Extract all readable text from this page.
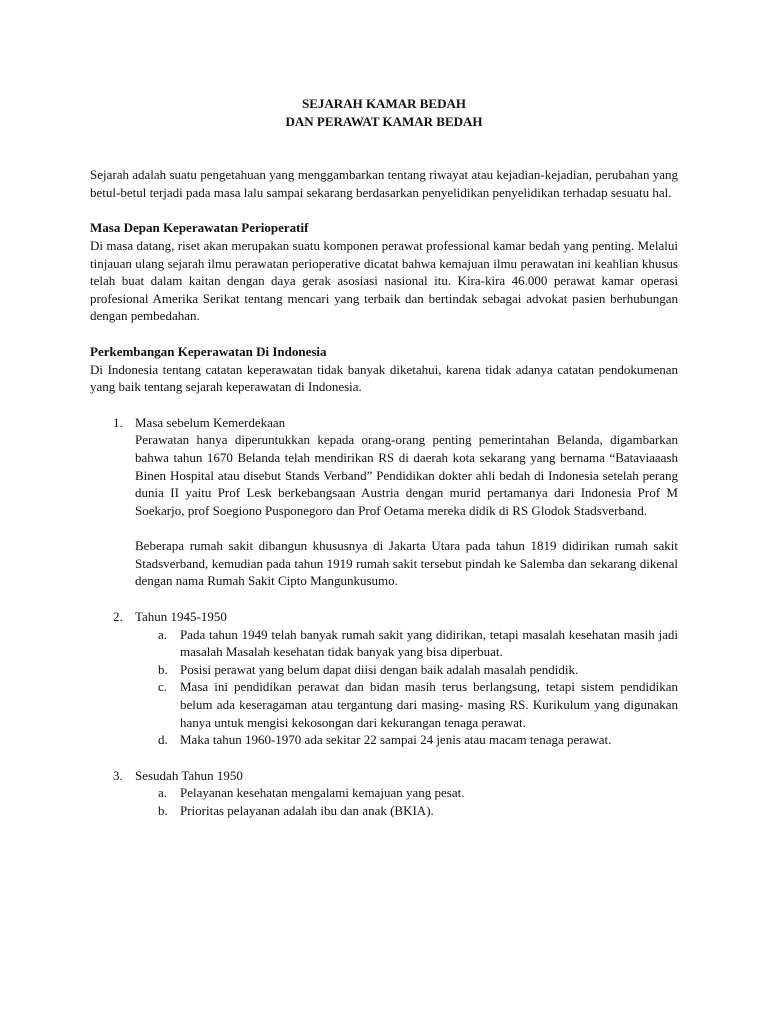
SEJARAH KAMAR BEDAH

DAN PERAWAT KAMAR BEDAH

Sejarah adalah suatu pengetahuan yang menggambarkan tentang riwayat atau kejadian-kejadian, perubahan yang betul-betul terjadi pada masa lalu sampai sekarang berdasarkan penyelidikan penyelidikan terhadap sesuatu hal.

Masa Depan Keperawatan Perioperatif

Di masa datang, riset akan merupakan suatu komponen perawat professional kamar bedah yang penting. Melalui tinjauan ulang sejarah ilmu perawatan perioperative dicatat bahwa kemajuan ilmu perawatan ini keahlian khusus telah buat dalam kaitan dengan daya gerak asosiasi nasional itu. Kira-kira 46.000 perawat kamar operasi profesional Amerika Serikat tentang mencari yang terbaik dan bertindak sebagai advokat pasien berhubungan dengan pembedahan.

Perkembangan Keperawatan Di Indonesia

Di Indonesia tentang catatan keperawatan tidak banyak diketahui, karena tidak adanya catatan pendokumenan yang baik tentang sejarah keperawatan di Indonesia.

1. Masa sebelum Kemerdekaan

Perawatan hanya diperuntukkan kepada orang-orang penting pemerintahan Belanda, digambarkan bahwa tahun 1670 Belanda telah mendirikan RS di daerah kota sekarang yang bernama “Bataviaaash Binen Hospital atau disebut Stands Verband” Pendidikan dokter ahli bedah di Indonesia setelah perang dunia II yaitu Prof Lesk berkebangsaan Austria dengan murid pertamanya dari Indonesia Prof M Soekarjo, prof Soegiono Pusponegoro dan Prof Oetama mereka didik di RS Glodok Stadsverband.

Beberapa rumah sakit dibangun khususnya di Jakarta Utara pada tahun 1819 didirikan rumah sakit Stadsverband, kemudian pada tahun 1919 rumah sakit tersebut pindah ke Salemba dan sekarang dikenal dengan nama Rumah Sakit Cipto Mangunkusumo.

2. Tahun 1945-1950

a. Pada tahun 1949 telah banyak rumah sakit yang didirikan, tetapi masalah kesehatan masih jadi masalah Masalah kesehatan tidak banyak yang bisa diperbuat.

b. Posisi perawat yang belum dapat diisi dengan baik adalah masalah pendidik.

c. Masa ini pendidikan perawat dan bidan masih terus berlangsung, tetapi sistem pendidikan belum ada keseragaman atau tergantung dari masing- masing RS. Kurikulum yang digunakan hanya untuk mengisi kekosongan dari kekurangan tenaga perawat.

d. Maka tahun 1960-1970 ada sekitar 22 sampai 24 jenis atau macam tenaga perawat.

3. Sesudah Tahun 1950

a. Pelayanan kesehatan mengalami kemajuan yang pesat.

b. Prioritas pelayanan adalah ibu dan anak (BKIA).
